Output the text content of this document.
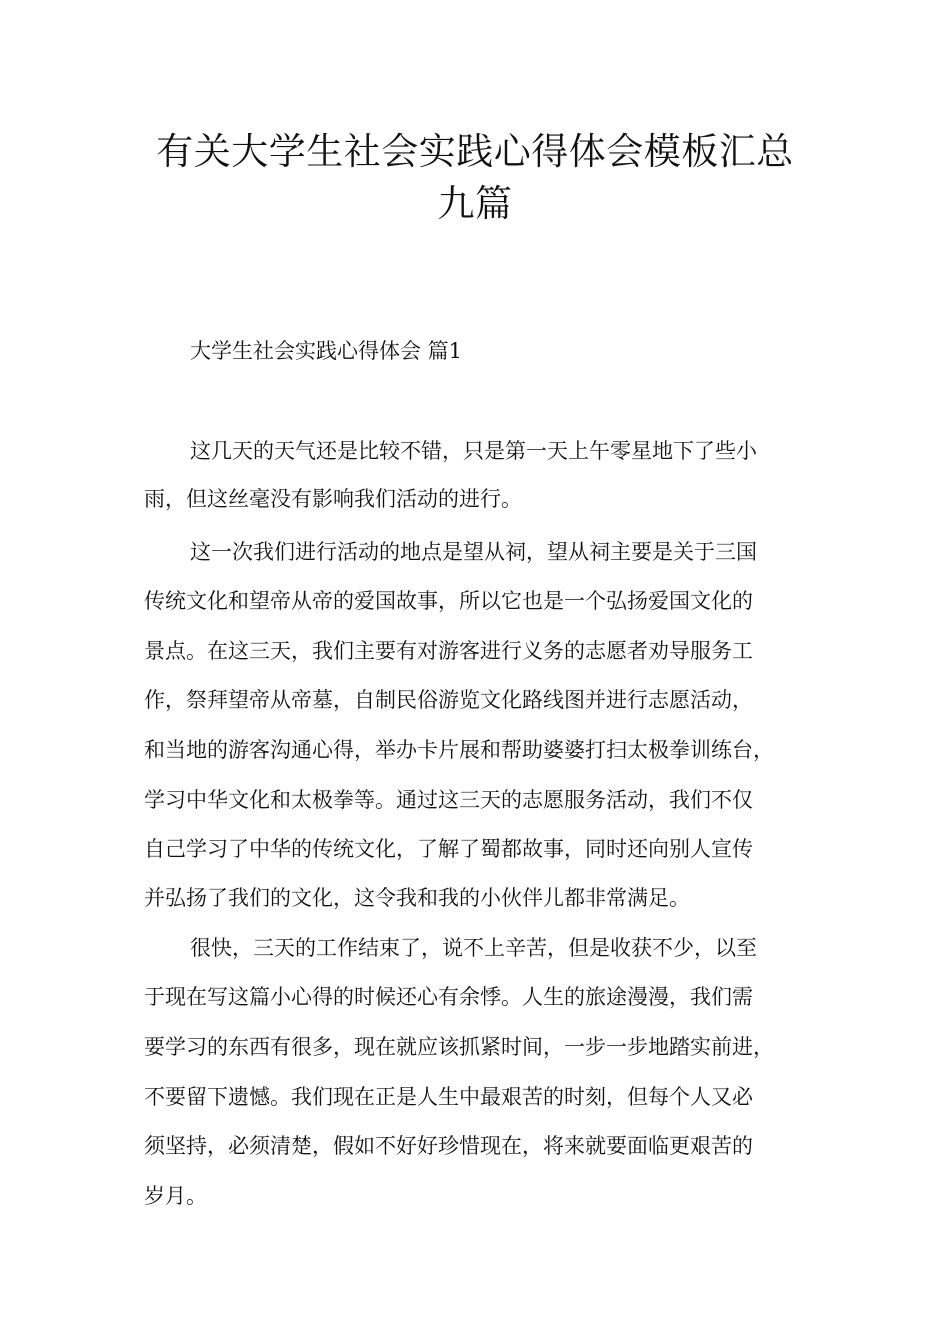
有关大学生社会实践心得体会模板汇总
九篇
大学生社会实践心得体会 篇1

这几天的天气还是比较不错，只是第一天上午零星地下了些小

雨，但这丝毫没有影响我们活动的进行。

这一次我们进行活动的地点是望从祠，望从祠主要是关于三国

传统文化和望帝从帝的爱国故事，所以它也是一个弘扬爱国文化的

景点。在这三天，我们主要有对游客进行义务的志愿者劝导服务工

作，祭拜望帝从帝墓，自制民俗游览文化路线图并进行志愿活动，

和当地的游客沟通心得，举办卡片展和帮助婆婆打扫太极拳训练台，

学习中华文化和太极拳等。通过这三天的志愿服务活动，我们不仅

自己学习了中华的传统文化，了解了蜀都故事，同时还向别人宣传

并弘扬了我们的文化，这令我和我的小伙伴儿都非常满足。

很快，三天的工作结束了，说不上辛苦，但是收获不少，以至

于现在写这篇小心得的时候还心有余悸。人生的旅途漫漫，我们需

要学习的东西有很多，现在就应该抓紧时间，一步一步地踏实前进，

不要留下遗憾。我们现在正是人生中最艰苦的时刻，但每个人又必

须坚持，必须清楚，假如不好好珍惜现在，将来就要面临更艰苦的

岁月。
